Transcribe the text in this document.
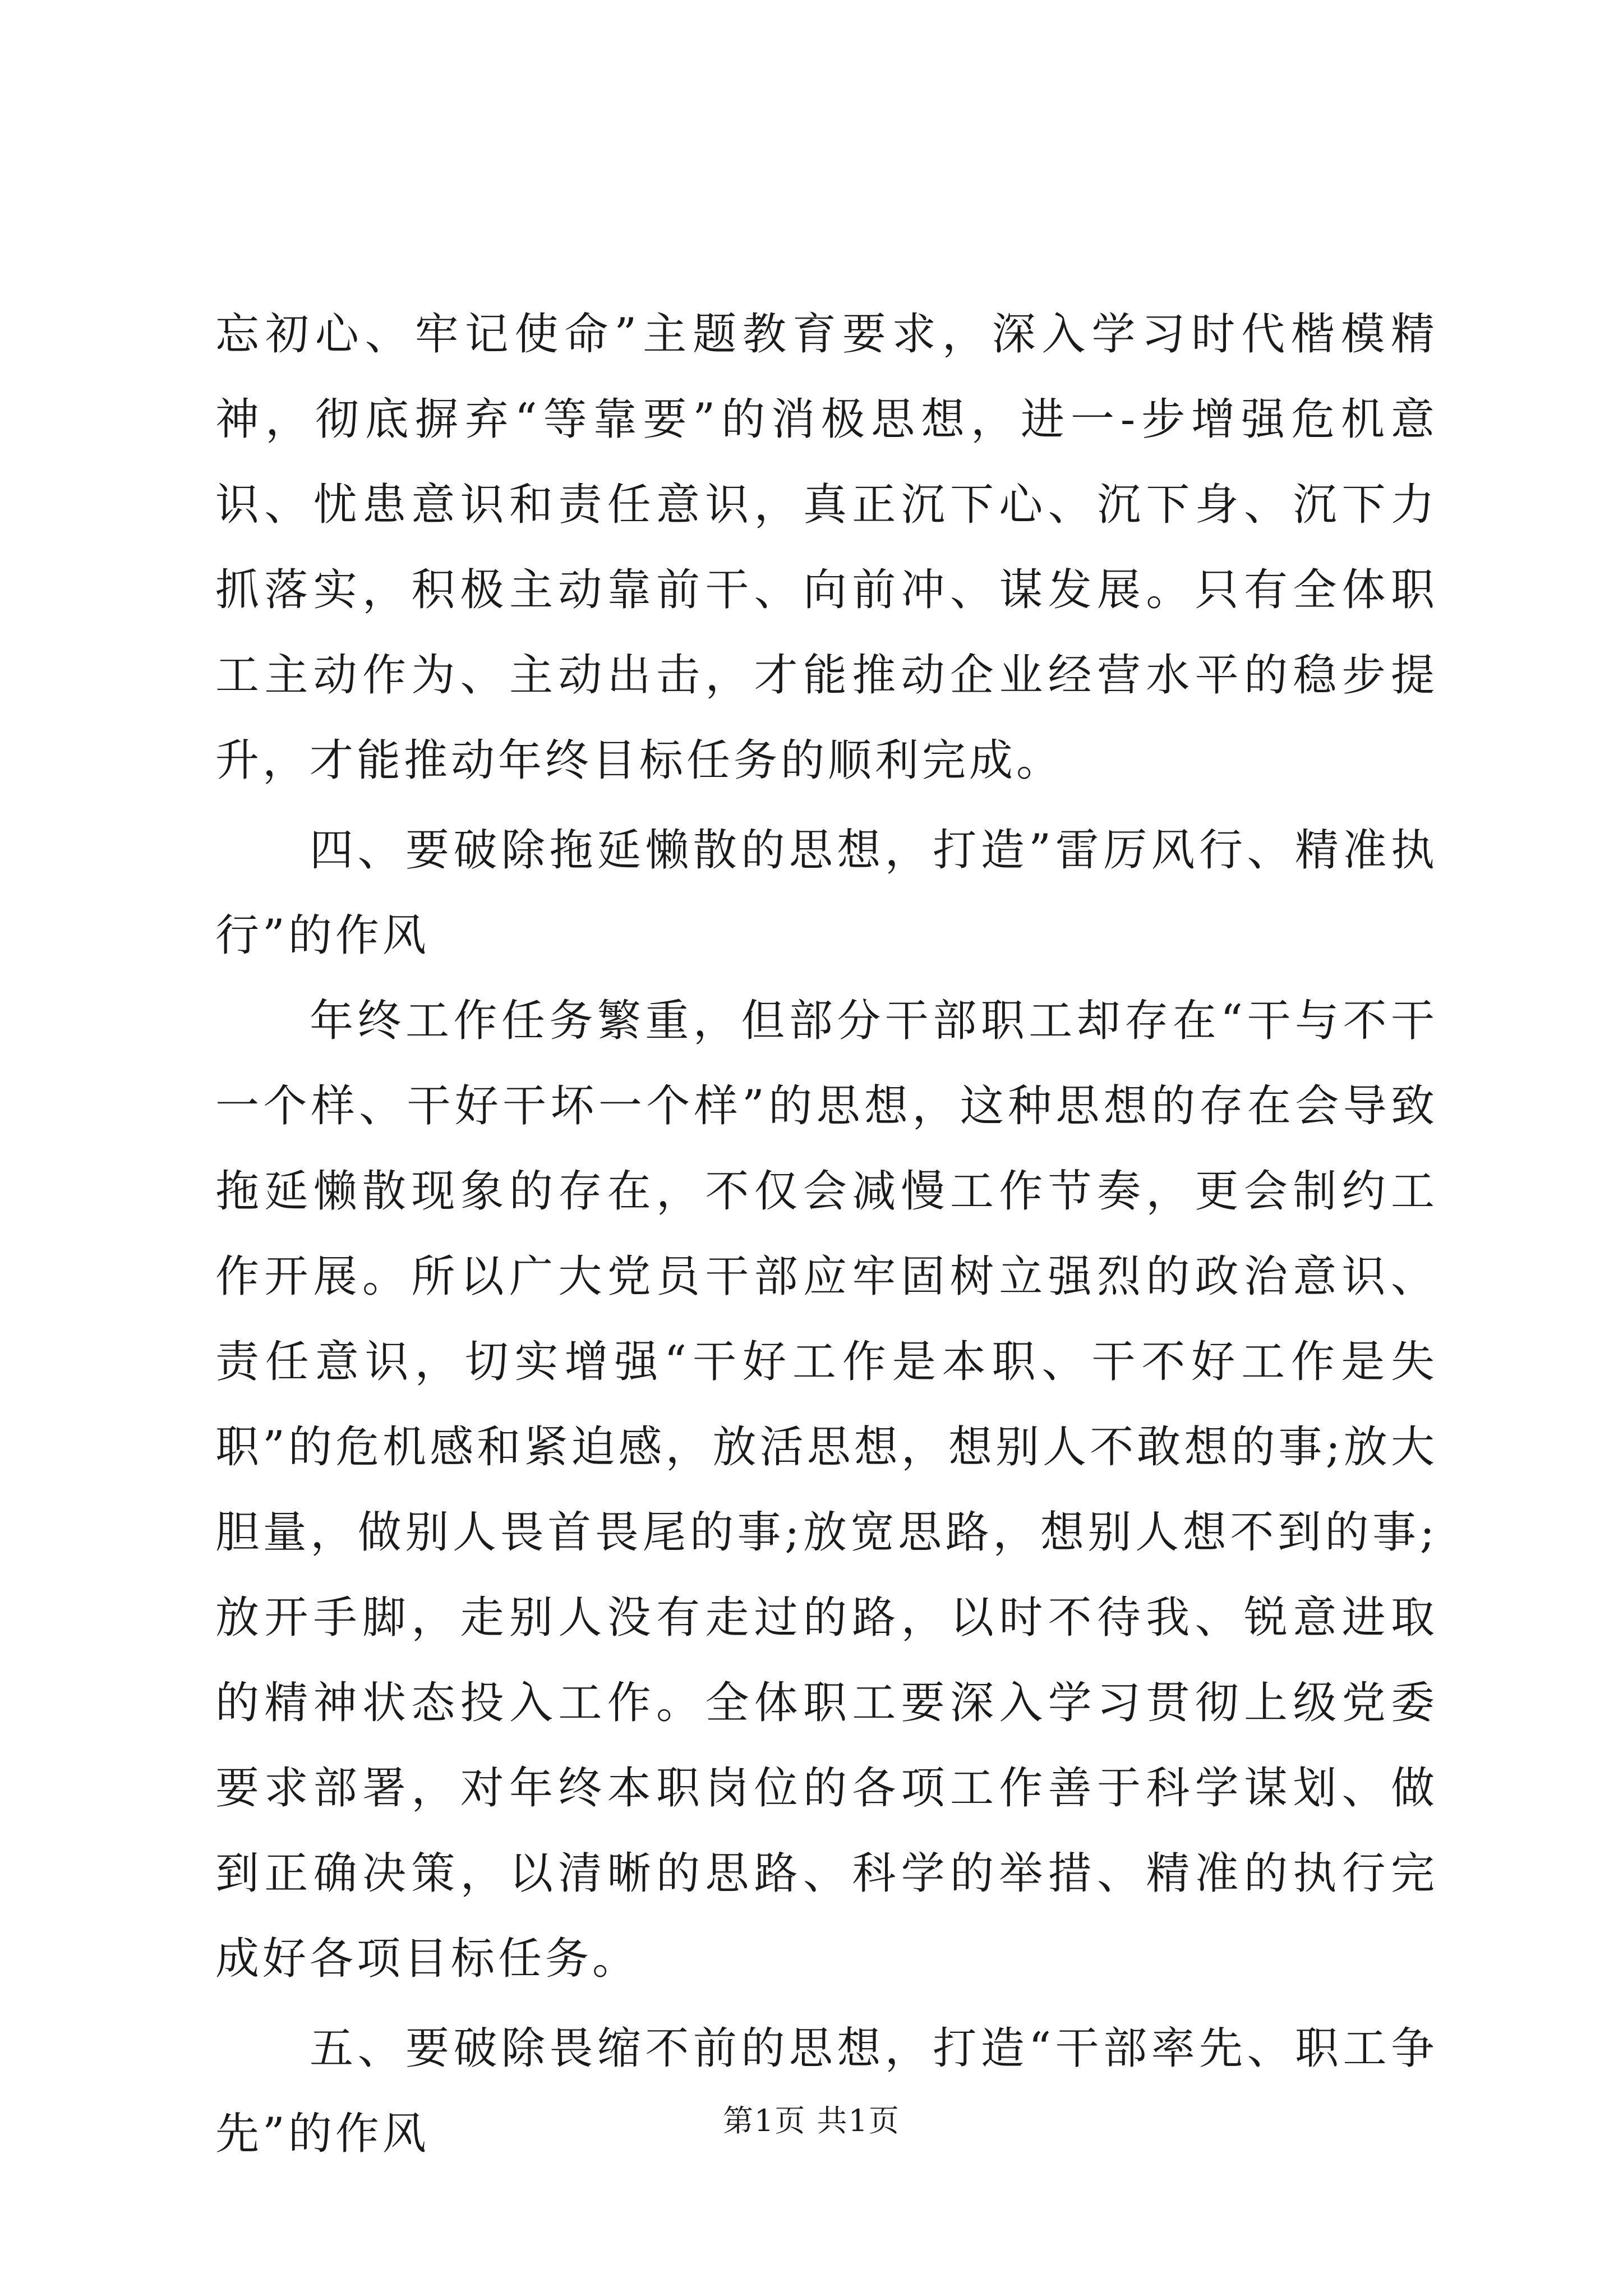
忘初心、牢记使命”主题教育要求，深入学习时代楷模精神，彻底摒弃“等靠要”的消极思想，进一-步增强危机意识、忧患意识和责任意识，真正沉下心、沉下身、沉下力抓落实，积极主动靠前干、向前冲、谋发展。只有全体职工主动作为、主动出击，才能推动企业经营水平的稳步提升，才能推动年终目标任务的顺利完成。

四、要破除拖延懒散的思想，打造”雷厉风行、精准执行”的作风

年终工作任务繁重，但部分干部职工却存在“干与不干一个样、干好干坏一个样”的思想，这种思想的存在会导致拖延懒散现象的存在，不仅会减慢工作节奏，更会制约工作开展。所以广大党员干部应牢固树立强烈的政治意识、责任意识，切实增强“干好工作是本职、干不好工作是失职”的危机感和紧迫感，放活思想，想别人不敢想的事;放大胆量，做别人畏首畏尾的事;放宽思路，想别人想不到的事;放开手脚，走别人没有走过的路，以时不待我、锐意进取的精神状态投入工作。全体职工要深入学习贯彻上级党委要求部署，对年终本职岗位的各项工作善于科学谋划、做到正确决策，以清晰的思路、科学的举措、精准的执行完成好各项目标任务。

五、要破除畏缩不前的思想，打造“干部率先、职工争先”的作风	第1页 共1页
